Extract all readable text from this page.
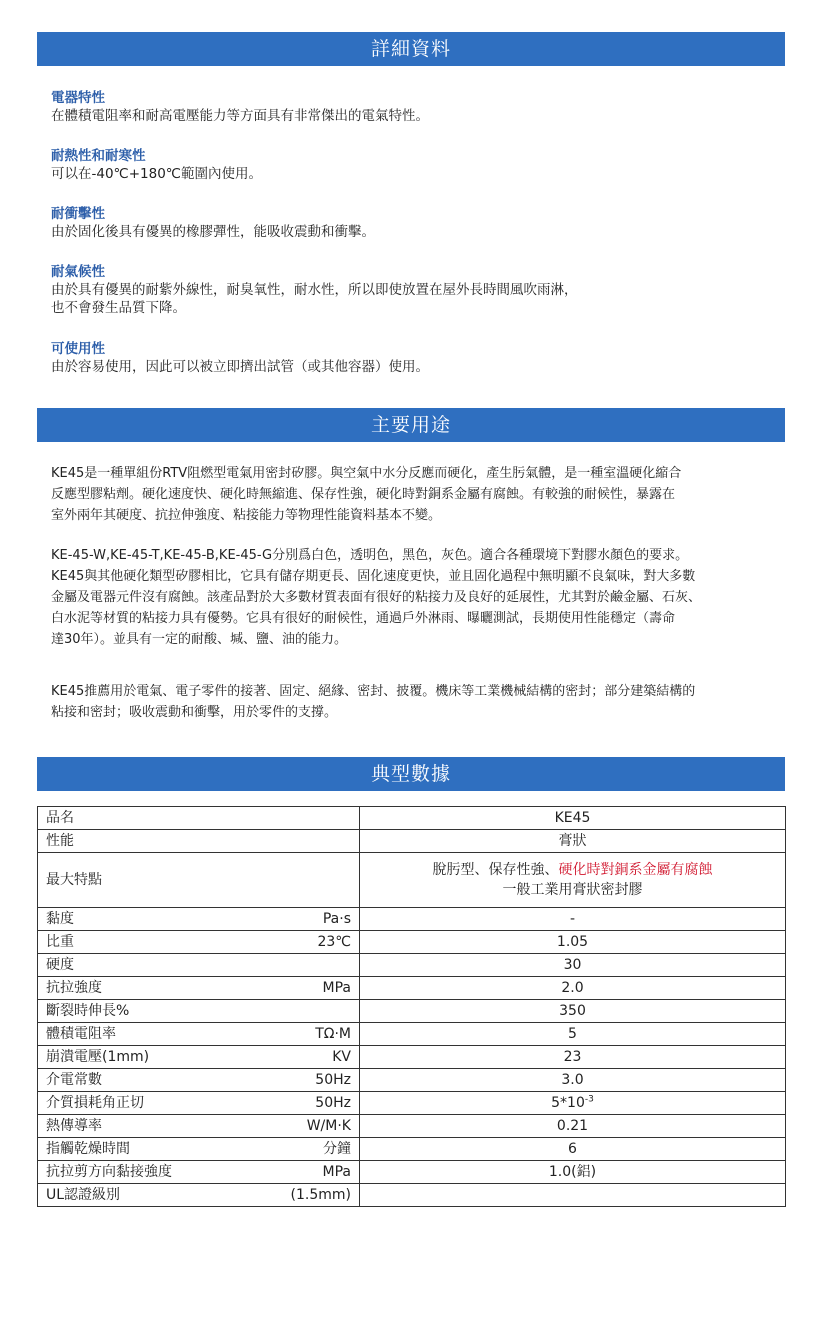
詳細資料
電器特性
在體積電阻率和耐高電壓能力等方面具有非常傑出的電氣特性。
耐熱性和耐寒性
可以在-40℃+180℃範圍內使用。
耐衝擊性
由於固化後具有優異的橡膠彈性，能吸收震動和衝擊。
耐氣候性
由於具有優異的耐紫外線性，耐臭氧性，耐水性，所以即使放置在屋外長時間風吹雨淋，
也不會發生品質下降。
可使用性
由於容易使用，因此可以被立即擠出試管（或其他容器）使用。
主要用途
KE45是一種單組份RTV阻燃型電氣用密封矽膠。與空氣中水分反應而硬化，產生肟氣體，是一種室溫硬化縮合
反應型膠粘劑。硬化速度快、硬化時無縮進、保存性強，硬化時對銅系金屬有腐蝕。有較強的耐候性，暴露在
室外兩年其硬度、抗拉伸強度、粘接能力等物理性能資料基本不變。
KE-45-W,KE-45-T,KE-45-B,KE-45-G分別爲白色，透明色，黑色，灰色。適合各種環境下對膠水顏色的要求。
KE45與其他硬化類型矽膠相比，它具有儲存期更長、固化速度更快，並且固化過程中無明顯不良氣味，對大多數
金屬及電器元件沒有腐蝕。該產品對於大多數材質表面有很好的粘接力及良好的延展性，尤其對於鹼金屬、石灰、
白水泥等材質的粘接力具有優勢。它具有很好的耐候性，通過戶外淋雨、曝曬測試，長期使用性能穩定（壽命
達30年）。並具有一定的耐酸、堿、鹽、油的能力。
KE45推薦用於電氣、電子零件的接著、固定、絕緣、密封、披覆。機床等工業機械結構的密封；部分建築結構的
粘接和密封；吸收震動和衝擊，用於零件的支撐。
典型數據
品名	KE45
性能	膏狀
最大特點	脫肟型、保存性強、硬化時對銅系金屬有腐蝕
一般工業用膏狀密封膠

黏度 Pa·s	-

比重 23℃	1.05

硬度	30

抗拉強度 MPa	2.0

斷裂時伸長%	350

體積電阻率 TΩ·M	5

崩潰電壓(1mm) KV	23

介電常數 50Hz	3.0

介質損耗角正切 50Hz	$5*10^{-3}$

熱傳導率 W/M·K	0.21

指觸乾燥時間 分鐘	6

抗拉剪方向黏接強度 MPa	1.0(鋁)

UL認證級別 (1.5mm)	
